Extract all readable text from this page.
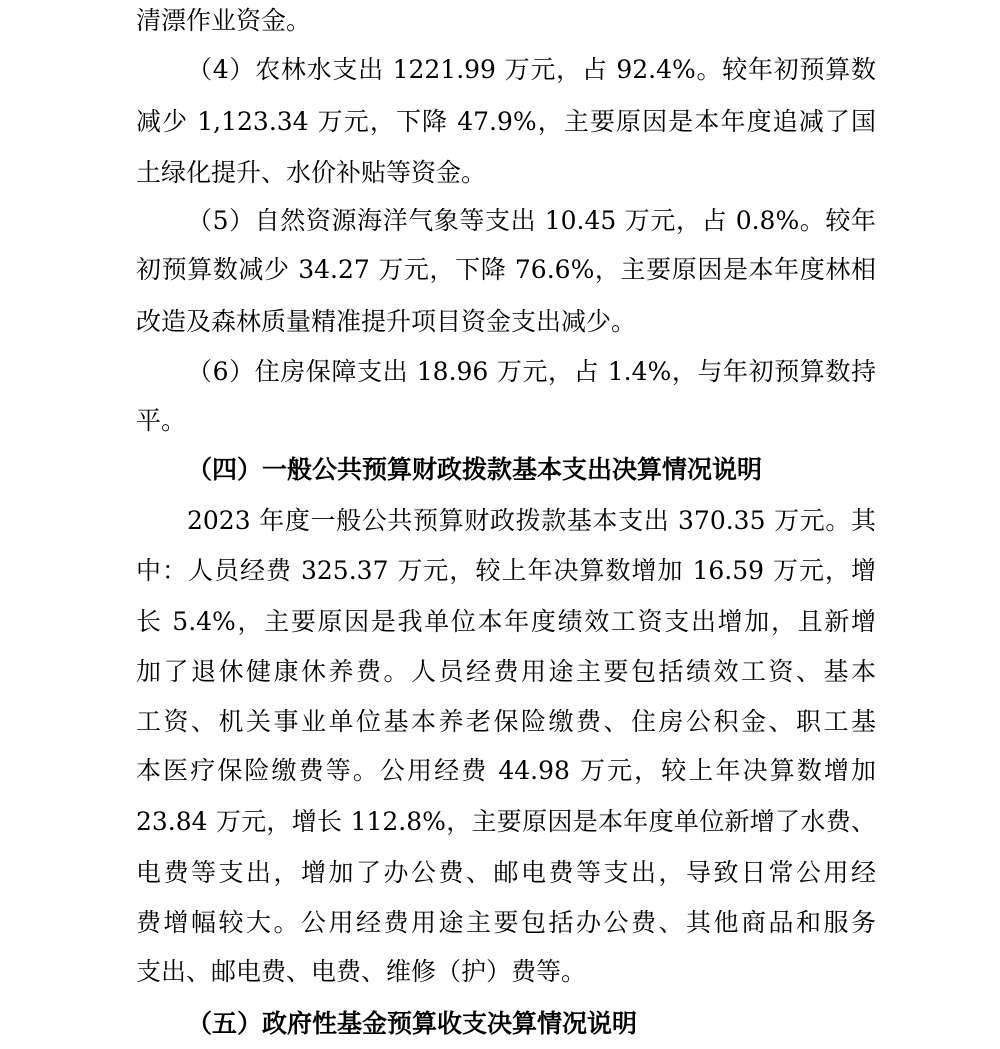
清漂作业资金。
（4）农林水支出 1221.99 万元，占 92.4%。较年初预算数
减少 1,123.34 万元，下降 47.9%，主要原因是本年度追减了国
土绿化提升、水价补贴等资金。
（5）自然资源海洋气象等支出 10.45 万元，占 0.8%。较年
初预算数减少 34.27 万元，下降 76.6%，主要原因是本年度林相
改造及森林质量精准提升项目资金支出减少。
（6）住房保障支出 18.96 万元，占 1.4%，与年初预算数持
平。
（四）一般公共预算财政拨款基本支出决算情况说明
2023 年度一般公共预算财政拨款基本支出 370.35 万元。其
中：人员经费 325.37 万元，较上年决算数增加 16.59 万元，增
长 5.4%，主要原因是我单位本年度绩效工资支出增加，且新增
加了退休健康休养费。人员经费用途主要包括绩效工资、基本
工资、机关事业单位基本养老保险缴费、住房公积金、职工基
本医疗保险缴费等。公用经费 44.98 万元，较上年决算数增加
23.84 万元，增长 112.8%，主要原因是本年度单位新增了水费、
电费等支出，增加了办公费、邮电费等支出，导致日常公用经
费增幅较大。公用经费用途主要包括办公费、其他商品和服务
支出、邮电费、电费、维修（护）费等。
（五）政府性基金预算收支决算情况说明
